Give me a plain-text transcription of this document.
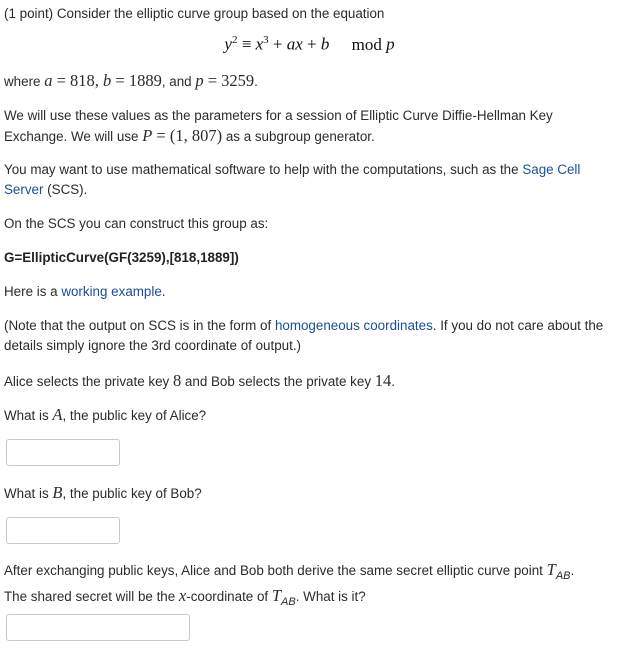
(1 point) Consider the elliptic curve group based on the equation
$y^2 \equiv x^3$ + ax + b mod p
where a = 818, b = 1889, and p = 3259.
We will use these values as the parameters for a session of Elliptic Curve Diffie-Hellman Key Exchange. We will use P = (1, 807) as a subgroup generator.
You may want to use mathematical software to help with the computations, such as the Sage Cell Server (SCS).
On the SCS you can construct this group as:
G=EllipticCurve(GF(3259),[818,1889])
Here is a working example.
(Note that the output on SCS is in the form of homogeneous coordinates. If you do not care about the details simply ignore the 3rd coordinate of output.)
Alice selects the private key 8 and Bob selects the private key 14.
What is A, the public key of Alice?
What is B, the public key of Bob?
After exchanging public keys, Alice and Bob both derive the same secret elliptic curve point $T_{AB}$.
The shared secret will be the x-coordinate of $T_{AB}$. What is it?
